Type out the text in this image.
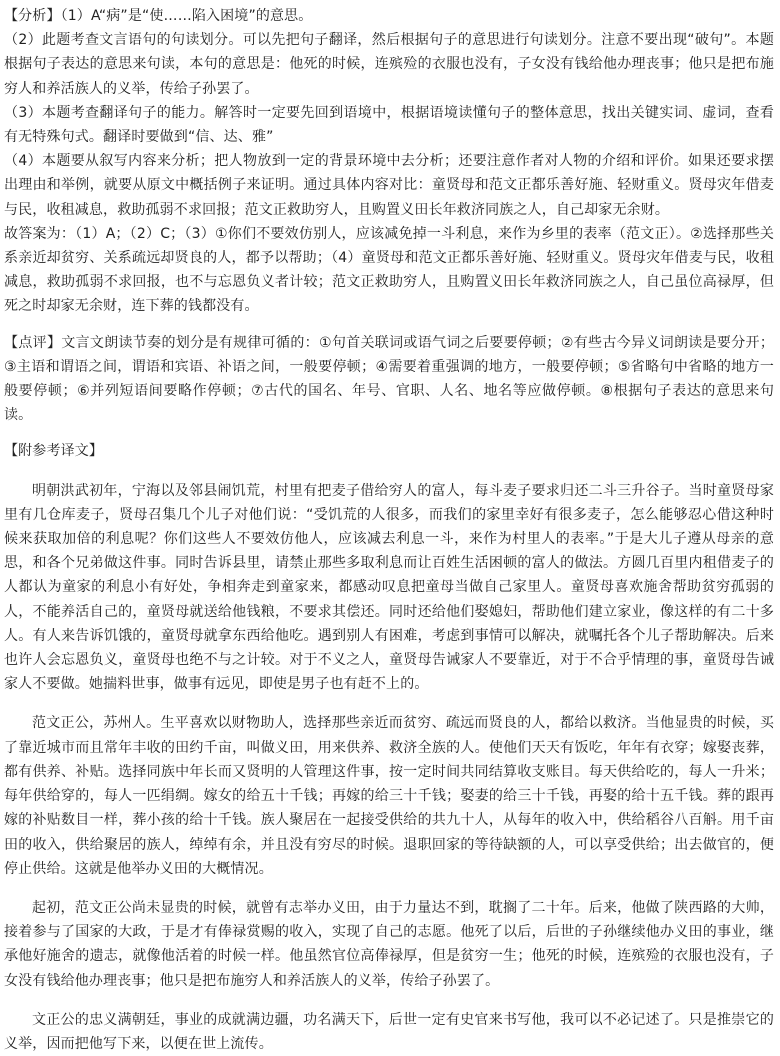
【分析】（1）A“病”是“使……陷入困境”的意思。

（2）此题考查文言语句的句读划分。可以先把句子翻译，然后根据句子的意思进行句读划分。注意不要出现“破句”。本题根据句子表达的意思来句读，本句的意思是：他死的时候，连殡殓的衣服也没有，子女没有钱给他办理丧事；他只是把布施穷人和养活族人的义举，传给子孙罢了。

（3）本题考查翻译句子的能力。解答时一定要先回到语境中，根据语境读懂句子的整体意思，找出关键实词、虚词，查看有无特殊句式。翻译时要做到“信、达、雅”

（4）本题要从叙写内容来分析；把人物放到一定的背景环境中去分析；还要注意作者对人物的介绍和评价。如果还要求摆出理由和举例，就要从原文中概括例子来证明。通过具体内容对比：童贤母和范文正都乐善好施、轻财重义。贤母灾年借麦与民，收租减息，救助孤弱不求回报；范文正救助穷人，且购置义田长年救济同族之人，自己却家无余财。

故答案为：（1）A；（2）C；（3）①你们不要效仿别人，应该减免掉一斗利息，来作为乡里的表率（范文正）。②选择那些关系亲近却贫穷、关系疏远却贤良的人，都予以帮助；（4）童贤母和范文正都乐善好施、轻财重义。贤母灾年借麦与民，收租减息，救助孤弱不求回报，也不与忘恩负义者计较；范文正救助穷人，且购置义田长年救济同族之人，自己虽位高禄厚，但死之时却家无余财，连下葬的钱都没有。

【点评】文言文朗读节奏的划分是有规律可循的：①句首关联词或语气词之后要要停顿；②有些古今异义词朗读是要分开；③主语和谓语之间，谓语和宾语、补语之间，一般要停顿；④需要着重强调的地方，一般要停顿；⑤省略句中省略的地方一般要停顿；⑥并列短语间要略作停顿；⑦古代的国名、年号、官职、人名、地名等应做停顿。⑧根据句子表达的意思来句读。

【附参考译文】

明朝洪武初年，宁海以及邻县闹饥荒，村里有把麦子借给穷人的富人，每斗麦子要求归还二斗三升谷子。当时童贤母家里有几仓库麦子，贤母召集几个儿子对他们说：“受饥荒的人很多，而我们的家里幸好有很多麦子，怎么能够忍心借这种时候来获取加倍的利息呢？你们这些人不要效仿他人，应该减去利息一斗，来作为村里人的表率。”于是大儿子遵从母亲的意思，和各个兄弟做这件事。同时告诉县里，请禁止那些多取利息而让百姓生活困顿的富人的做法。方圆几百里内租借麦子的人都认为童家的利息小有好处，争相奔走到童家来，都感动叹息把童母当做自己家里人。童贤母喜欢施舍帮助贫穷孤弱的人，不能养活自己的，童贤母就送给他钱粮，不要求其偿还。同时还给他们娶媳妇，帮助他们建立家业，像这样的有二十多人。有人来告诉饥饿的，童贤母就拿东西给他吃。遇到别人有困难，考虑到事情可以解决，就嘱托各个儿子帮助解决。后来也许人会忘恩负义，童贤母也绝不与之计较。对于不义之人，童贤母告诫家人不要靠近，对于不合乎情理的事，童贤母告诫家人不要做。她揣料世事，做事有远见，即使是男子也有赶不上的。

范文正公，苏州人。生平喜欢以财物助人，选择那些亲近而贫穷、疏远而贤良的人，都给以救济。当他显贵的时候，买了靠近城市而且常年丰收的田约千亩，叫做义田，用来供养、救济全族的人。使他们天天有饭吃，年年有衣穿；嫁娶丧葬，都有供养、补贴。选择同族中年长而又贤明的人管理这件事，按一定时间共同结算收支账目。每天供给吃的，每人一升米；每年供给穿的，每人一匹绢绸。嫁女的给五十千钱；再嫁的给三十千钱；娶妻的给三十千钱，再娶的给十五千钱。葬的跟再嫁的补贴数目一样，葬小孩的给十千钱。族人聚居在一起接受供给的共九十人，从每年的收入中，供给稻谷八百斛。用千亩田的收入，供给聚居的族人，绰绰有余，并且没有穷尽的时候。退职回家的等待缺额的人，可以享受供给；出去做官的，便停止供给。这就是他举办义田的大概情况。

起初，范文正公尚未显贵的时候，就曾有志举办义田，由于力量达不到，耽搁了二十年。后来，他做了陕西路的大帅，接着参与了国家的大政，于是才有俸禄赏赐的收入，实现了自己的志愿。他死了以后，后世的子孙继续他办义田的事业，继承他好施舍的遗志，就像他活着的时候一样。他虽然官位高俸禄厚，但是贫穷一生；他死的时候，连殡殓的衣服也没有，子女没有钱给他办理丧事；他只是把布施穷人和养活族人的义举，传给子孙罢了。

文正公的忠义满朝廷，事业的成就满边疆，功名满天下，后世一定有史官来书写他，我可以不必记述了。只是推崇它的义举，因而把他写下来，以便在世上流传。
